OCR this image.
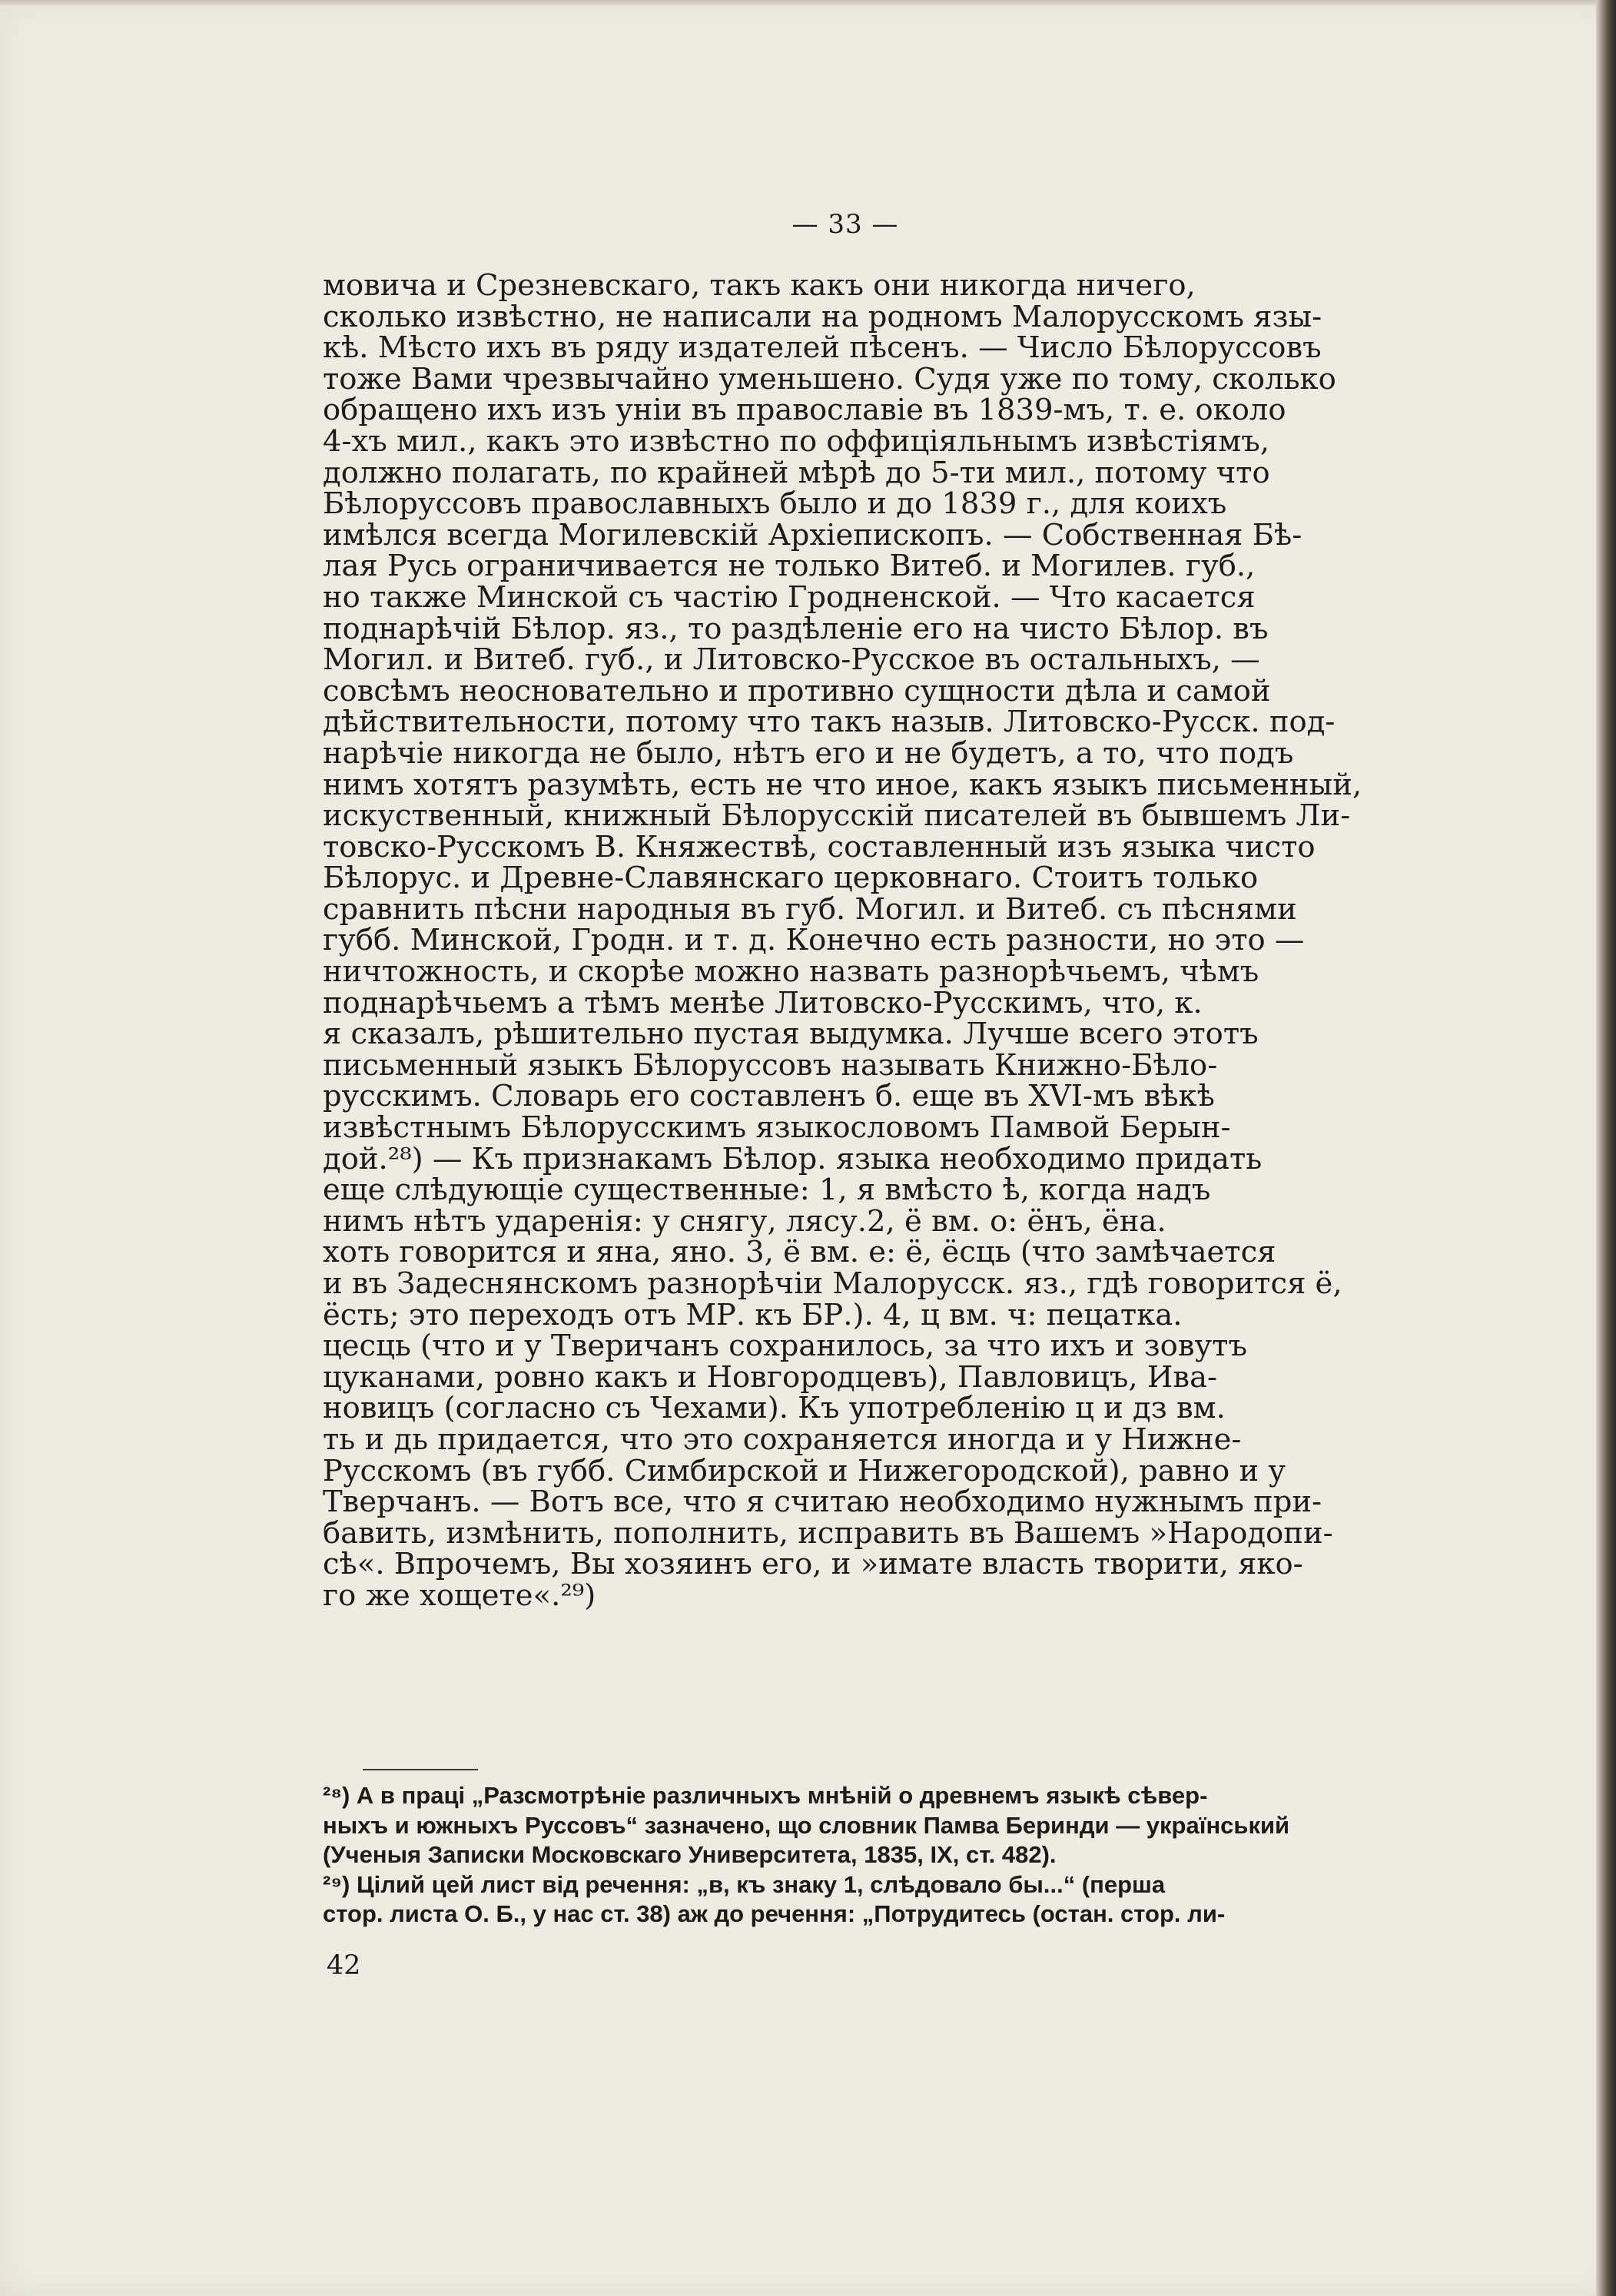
— 33 —
мовича и Срезневскаго, такъ какъ они никогда ничего,
сколько извѣстно, не написали на родномъ Малорусскомъ язы-
кѣ. Мѣсто ихъ въ ряду издателей пѣсенъ. — Число Бѣлоруссовъ
тоже Вами чрезвычайно уменьшено. Судя уже по тому, сколько
обращено ихъ изъ уніи въ православіе въ 1839-мъ, т. е. около
4-хъ мил., какъ это извѣстно по оффиціяльнымъ извѣстіямъ,
должно полагать, по крайней мѣрѣ до 5-ти мил., потому что
Бѣлоруссовъ православныхъ было и до 1839 г., для коихъ
имѣлся всегда Могилевскій Архіепископъ. — Собственная Бѣ-
лая Русь ограничивается не только Витеб. и Могилев. губ.,
но также Минской съ частію Гродненской. — Что касается
поднарѣчій Бѣлор. яз., то раздѣленіе его на чисто Бѣлор. въ
Могил. и Витеб. губ., и Литовско-Русское въ остальныхъ, —
совсѣмъ неосновательно и противно сущности дѣла и самой
дѣйствительности, потому что такъ назыв. Литовско-Русск. под-
нарѣчіе никогда не было, нѣтъ его и не будетъ, а то, что подъ
нимъ хотятъ разумѣть, есть не что иное, какъ языкъ письменный,
искуственный, книжный Бѣлорусскій писателей въ бывшемъ Ли-
товско-Русскомъ В. Княжествѣ, составленный изъ языка чисто
Бѣлорус. и Древне-Славянскаго церковнаго. Стоитъ только
сравнить пѣсни народныя въ губ. Могил. и Витеб. съ пѣснями
губб. Минской, Гродн. и т. д. Конечно есть разности, но это —
ничтожность, и скорѣе можно назвать разнорѣчьемъ, чѣмъ
поднарѣчьемъ а тѣмъ менѣе Литовско-Русскимъ, что, к.
я сказалъ, рѣшительно пустая выдумка. Лучше всего этотъ
письменный языкъ Бѣлоруссовъ называть Книжно-Бѣло-
русскимъ. Словарь его составленъ б. еще въ XVI-мъ вѣкѣ
извѣстнымъ Бѣлорусскимъ языкословомъ Памвой Берын-
дой.²⁸) — Къ признакамъ Бѣлор. языка необходимо придать
еще слѣдующіе существенные: 1, я вмѣсто ѣ, когда надъ
нимъ нѣтъ ударенія: у снягу, лясу.2, ё вм. о: ёнъ, ёна.
хоть говорится и яна, яно. 3, ё вм. е: ё, ёсць (что замѣчается
и въ Задеснянскомъ разнорѣчіи Малорусск. яз., гдѣ говорится ё,
ёсть; это переходъ отъ МР. къ БР.). 4, ц вм. ч: пецатка.
цесць (что и у Тверичанъ сохранилось, за что ихъ и зовутъ
цуканами, ровно какъ и Новгородцевъ), Павловицъ, Ива-
новицъ (согласно съ Чехами). Къ употребленію ц и дз вм.
ть и дь придается, что это сохраняется иногда и у Нижне-
Русскомъ (въ губб. Симбирской и Нижегородской), равно и у
Тверчанъ. — Вотъ все, что я считаю необходимо нужнымъ при-
бавить, измѣнить, пополнить, исправить въ Вашемъ »Народопи-
сѣ«. Впрочемъ, Вы хозяинъ его, и »имате власть творити, яко-
го же хощете«.²⁹)
²⁸) А в праці „Разсмотрѣніе различныхъ мнѣній о древнемъ языкѣ сѣвер-
ныхъ и южныхъ Руссовъ“ зазначено, що словник Памва Беринди — український
(Ученыя Записки Московскаго Университета, 1835, IX, ст. 482).
²⁹) Цілий цей лист від речення: „в, къ знаку 1, слѣдовало бы...“ (перша
стор. листа О. Б., у нас ст. 38) аж до речення: „Потрудитесь (остан. стор. ли-
42
